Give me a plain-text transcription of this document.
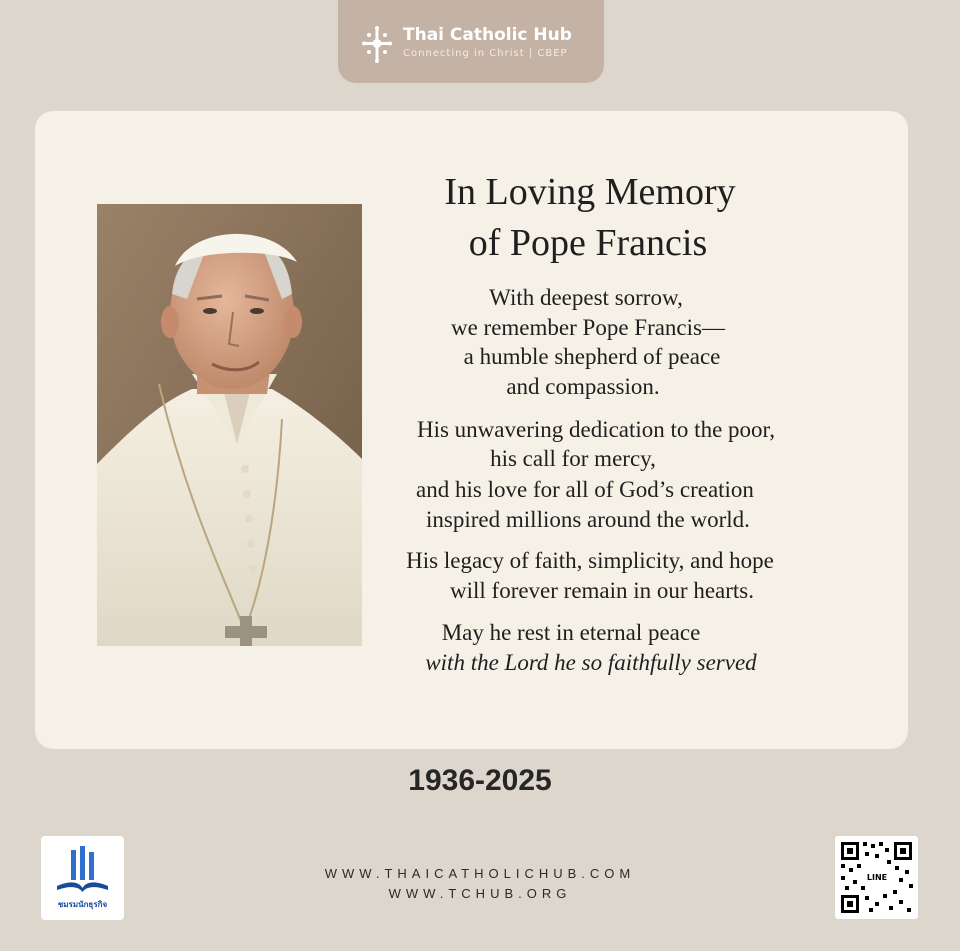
Thai Catholic Hub
Connecting in Christ | CBEP
In Loving Memory
of Pope Francis
With deepest sorrow,
we remember Pope Francis—
a humble shepherd of peace
and compassion.
His unwavering dedication to the poor,
his call for mercy,
and his love for all of God’s creation
inspired millions around the world.
His legacy of faith, simplicity, and hope
will forever remain in our hearts.
May he rest in eternal peace
with the Lord he so faithfully served
1936-2025
ชมรมนักธุรกิจ
WWW.THAICATHOLICHUB.COM
WWW.TCHUB.ORG
LINE
